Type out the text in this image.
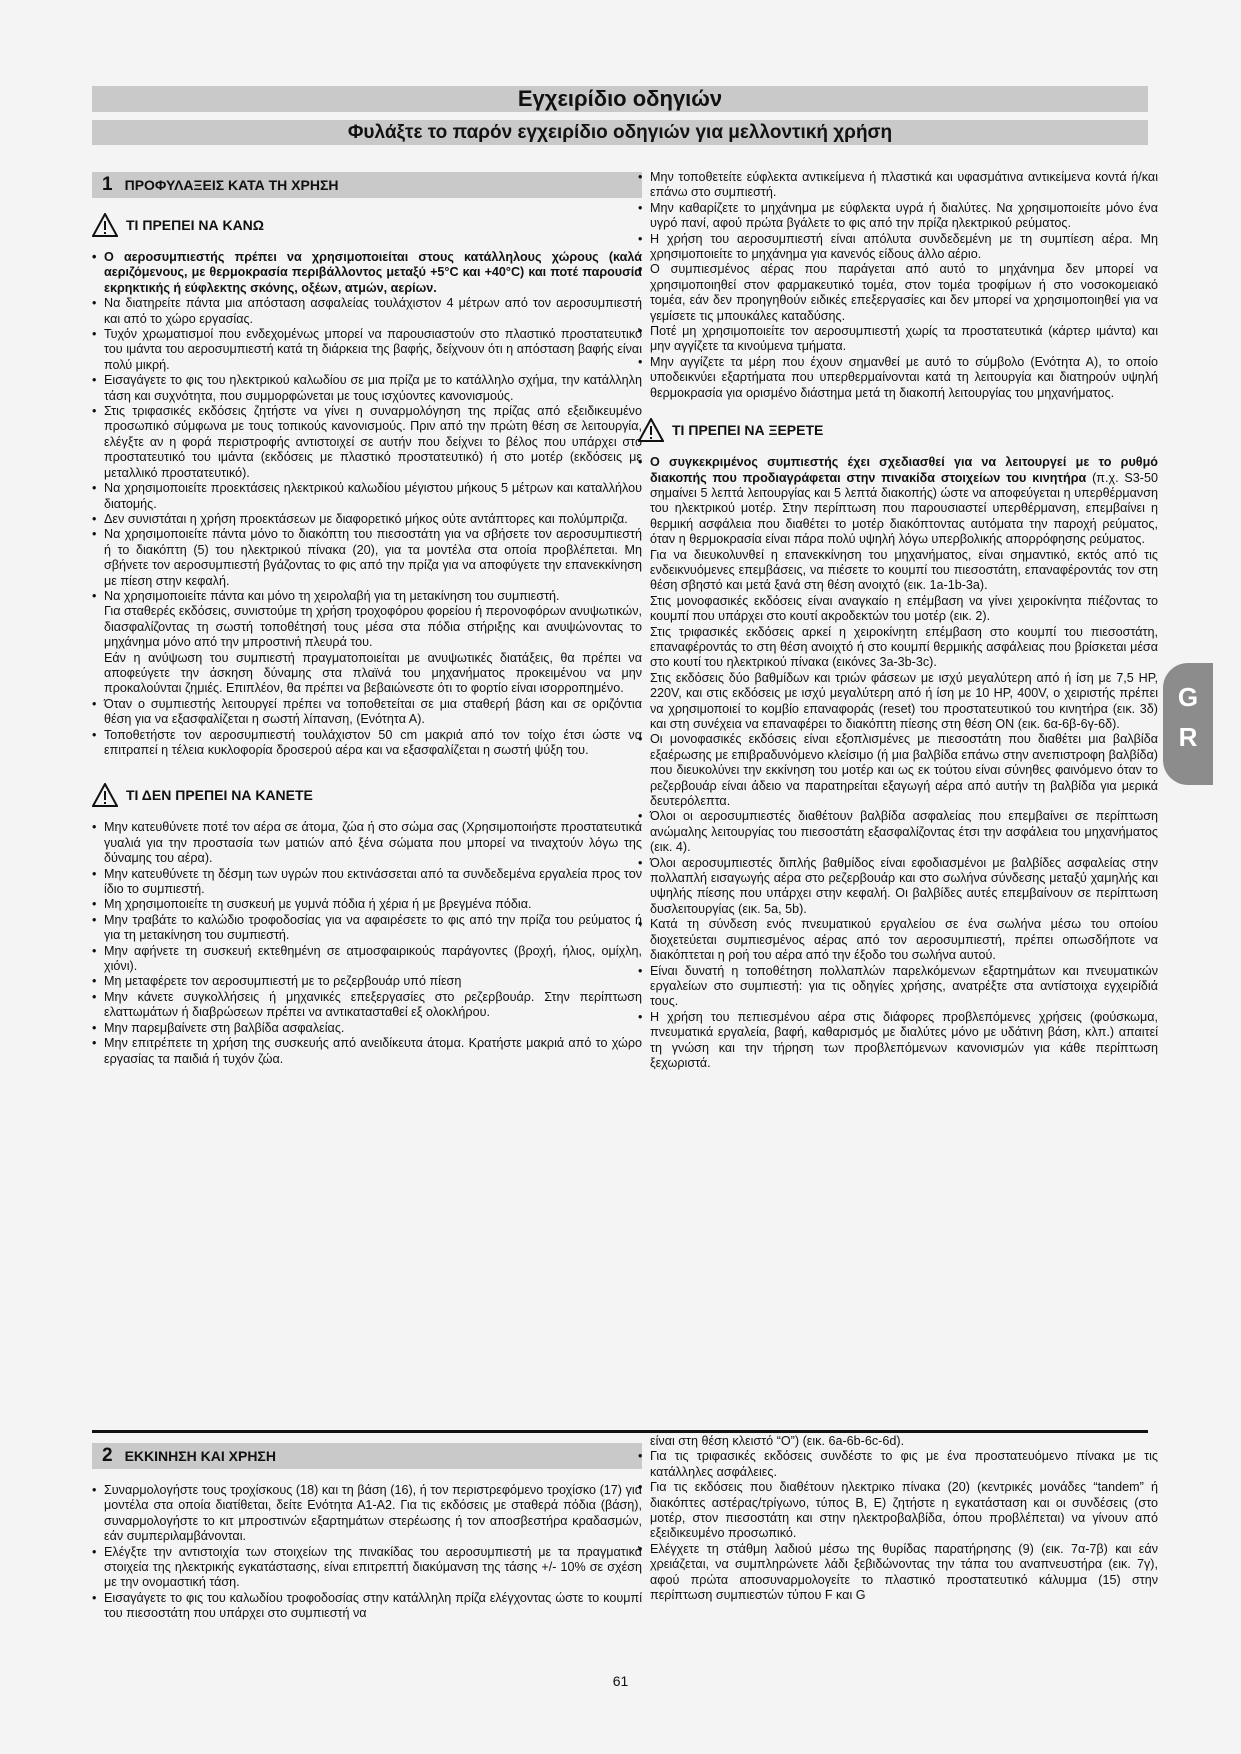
Εγχειρίδιο οδηγιών
Φυλάξτε το παρόν εγχειρίδιο οδηγιών για μελλοντική χρήση
1 ΠΡΟΦΥΛΑΞΕΙΣ ΚΑΤΑ ΤΗ ΧΡΗΣΗ
ΤΙ ΠΡΕΠΕΙ ΝΑ ΚΑΝΩ
• Ο αεροσυμπιεστής πρέπει να χρησιμοποιείται στους κατάλληλους χώρους (καλά αεριζόμενους, με θερμοκρασία περιβάλλοντος μεταξύ +5°C και +40°C) και ποτέ παρουσία εκρηκτικής ή εύφλεκτης σκόνης, οξέων, ατμών, αερίων.
• Να διατηρείτε πάντα μια απόσταση ασφαλείας τουλάχιστον 4 μέτρων από τον αεροσυμπιεστή και από το χώρο εργασίας.
• Τυχόν χρωματισμοί που ενδεχομένως μπορεί να παρουσιαστούν στο πλαστικό προστατευτικό του ιμάντα του αεροσυμπιεστή κατά τη διάρκεια της βαφής, δείχνουν ότι η απόσταση βαφής είναι πολύ μικρή.
• Εισαγάγετε το φις του ηλεκτρικού καλωδίου σε μια πρίζα με το κατάλληλο σχήμα, την κατάλληλη τάση και συχνότητα, που συμμορφώνεται με τους ισχύοντες κανονισμούς.
• Στις τριφασικές εκδόσεις ζητήστε να γίνει η συναρμολόγηση της πρίζας από εξειδικευμένο προσωπικό σύμφωνα με τους τοπικούς κανονισμούς. Πριν από την πρώτη θέση σε λειτουργία, ελέγξτε αν η φορά περιστροφής αντιστοιχεί σε αυτήν που δείχνει το βέλος που υπάρχει στο προστατευτικό του ιμάντα (εκδόσεις με πλαστικό προστατευτικό) ή στο μοτέρ (εκδόσεις με μεταλλικό προστατευτικό).
• Να χρησιμοποιείτε προεκτάσεις ηλεκτρικού καλωδίου μέγιστου μήκους 5 μέτρων και καταλλήλου διατομής.
• Δεν συνιστάται η χρήση προεκτάσεων με διαφορετικό μήκος ούτε αντάπτορες και πολύμπριζα.
• Να χρησιμοποιείτε πάντα μόνο το διακόπτη του πιεσοστάτη για να σβήσετε τον αεροσυμπιεστή ή το διακόπτη (5) του ηλεκτρικού πίνακα (20), για τα μοντέλα στα οποία προβλέπεται. Μη σβήνετε τον αεροσυμπιεστή βγάζοντας το φις από την πρίζα για να αποφύγετε την επανεκκίνηση με πίεση στην κεφαλή.
• Να χρησιμοποιείτε πάντα και μόνο τη χειρολαβή για τη μετακίνηση του συμπιεστή.
Για σταθερές εκδόσεις, συνιστούμε τη χρήση τροχοφόρου φορείου ή περονοφόρων ανυψωτικών, διασφαλίζοντας τη σωστή τοποθέτησή τους μέσα στα πόδια στήριξης και ανυψώνοντας το μηχάνημα μόνο από την μπροστινή πλευρά του.
Εάν η ανύψωση του συμπιεστή πραγματοποιείται με ανυψωτικές διατάξεις, θα πρέπει να αποφεύγετε την άσκηση δύναμης στα πλαϊνά του μηχανήματος προκειμένου να μην προκαλούνται ζημιές. Επιπλέον, θα πρέπει να βεβαιώνεστε ότι το φορτίο είναι ισορροπημένο.
• Όταν ο συμπιεστής λειτουργεί πρέπει να τοποθετείται σε μια σταθερή βάση και σε οριζόντια θέση για να εξασφαλίζεται η σωστή λίπανση, (Ενότητα Α).
• Τοποθετήστε τον αεροσυμπιεστή τουλάχιστον 50 cm μακριά από τον τοίχο έτσι ώστε να επιτραπεί η τέλεια κυκλοφορία δροσερού αέρα και να εξασφαλίζεται η σωστή ψύξη του.
ΤΙ ΔΕΝ ΠΡΕΠΕΙ ΝΑ ΚΑΝΕΤΕ
• Μην κατευθύνετε ποτέ τον αέρα σε άτομα, ζώα ή στο σώμα σας (Χρησιμοποιήστε προστατευτικά γυαλιά για την προστασία των ματιών από ξένα σώματα που μπορεί να τιναχτούν λόγω της δύναμης του αέρα).
• Μην κατευθύνετε τη δέσμη των υγρών που εκτινάσσεται από τα συνδεδεμένα εργαλεία προς τον ίδιο το συμπιεστή.
• Μη χρησιμοποιείτε τη συσκευή με γυμνά πόδια ή χέρια ή με βρεγμένα πόδια.
• Μην τραβάτε το καλώδιο τροφοδοσίας για να αφαιρέσετε το φις από την πρίζα του ρεύματος ή για τη μετακίνηση του συμπιεστή.
• Μην αφήνετε τη συσκευή εκτεθημένη σε ατμοσφαιρικούς παράγοντες (βροχή, ήλιος, ομίχλη, χιόνι).
• Μη μεταφέρετε τον αεροσυμπιεστή με το ρεζερβουάρ υπό πίεση
• Μην κάνετε συγκολλήσεις ή μηχανικές επεξεργασίες στο ρεζερβουάρ. Στην περίπτωση ελαττωμάτων ή διαβρώσεων πρέπει να αντικατασταθεί εξ ολοκλήρου.
• Μην παρεμβαίνετε στη βαλβίδα ασφαλείας.
• Μην επιτρέπετε τη χρήση της συσκευής από ανειδίκευτα άτομα. Κρατήστε μακριά από το χώρο εργασίας τα παιδιά ή τυχόν ζώα.
• Μην τοποθετείτε εύφλεκτα αντικείμενα ή πλαστικά και υφασμάτινα αντικείμενα κοντά ή/και επάνω στο συμπιεστή.
• Μην καθαρίζετε το μηχάνημα με εύφλεκτα υγρά ή διαλύτες. Να χρησιμοποιείτε μόνο ένα υγρό πανί, αφού πρώτα βγάλετε το φις από την πρίζα ηλεκτρικού ρεύματος.
• Η χρήση του αεροσυμπιεστή είναι απόλυτα συνδεδεμένη με τη συμπίεση αέρα. Μη χρησιμοποιείτε το μηχάνημα για κανενός είδους άλλο αέριο.
• Ο συμπιεσμένος αέρας που παράγεται από αυτό το μηχάνημα δεν μπορεί να χρησιμοποιηθεί στον φαρμακευτικό τομέα, στον τομέα τροφίμων ή στο νοσοκομειακό τομέα, εάν δεν προηγηθούν ειδικές επεξεργασίες και δεν μπορεί να χρησιμοποιηθεί για να γεμίσετε τις μπουκάλες καταδύσης.
• Ποτέ μη χρησιμοποιείτε τον αεροσυμπιεστή χωρίς τα προστατευτικά (κάρτερ ιμάντα) και μην αγγίζετε τα κινούμενα τμήματα.
• Μην αγγίζετε τα μέρη που έχουν σημανθεί με αυτό το σύμβολο (Ενότητα Α), το οποίο υποδεικνύει εξαρτήματα που υπερθερμαίνονται κατά τη λειτουργία και διατηρούν υψηλή θερμοκρασία για ορισμένο διάστημα μετά τη διακοπή λειτουργίας του μηχανήματος.
ΤΙ ΠΡΕΠΕΙ ΝΑ ΞΕΡΕΤΕ
• Ο συγκεκριμένος συμπιεστής έχει σχεδιασθεί για να λειτουργεί με το ρυθμό διακοπής που προδιαγράφεται στην πινακίδα στοιχείων του κινητήρα (π.χ. S3-50 σημαίνει 5 λεπτά λειτουργίας και 5 λεπτά διακοπής) ώστε να αποφεύγεται η υπερθέρμανση του ηλεκτρικού μοτέρ. Στην περίπτωση που παρουσιαστεί υπερθέρμανση, επεμβαίνει η θερμική ασφάλεια που διαθέτει το μοτέρ διακόπτοντας αυτόματα την παροχή ρεύματος, όταν η θερμοκρασία είναι πάρα πολύ υψηλή λόγω υπερβολικής απορρόφησης ρεύματος.
Για να διευκολυνθεί η επανεκκίνηση του μηχανήματος, είναι σημαντικό, εκτός από τις ενδεικνυόμενες επεμβάσεις, να πιέσετε το κουμπί του πιεσοστάτη, επαναφέροντάς τον στη θέση σβηστό και μετά ξανά στη θέση ανοιχτό (εικ. 1a-1b-3a).
Στις μονοφασικές εκδόσεις είναι αναγκαίο η επέμβαση να γίνει χειροκίνητα πιέζοντας το κουμπί που υπάρχει στο κουτί ακροδεκτών του μοτέρ (εικ. 2).
Στις τριφασικές εκδόσεις αρκεί η χειροκίνητη επέμβαση στο κουμπί του πιεσοστάτη, επαναφέροντάς το στη θέση ανοιχτό ή στο κουμπί θερμικής ασφάλειας που βρίσκεται μέσα στο κουτί του ηλεκτρικού πίνακα (εικόνες 3a-3b-3c).
Στις εκδόσεις δύο βαθμίδων και τριών φάσεων με ισχύ μεγαλύτερη από ή ίση με 7,5 HP, 220V, και στις εκδόσεις με ισχύ μεγαλύτερη από ή ίση με 10 HP, 400V, ο χειριστής πρέπει να χρησιμοποιεί το κομβίο επαναφοράς (reset) του προστατευτικού του κινητήρα (εικ. 3δ) και στη συνέχεια να επαναφέρει το διακόπτη πίεσης στη θέση ON (εικ. 6α-6β-6γ-6δ).
• Οι μονοφασικές εκδόσεις είναι εξοπλισμένες με πιεσοστάτη που διαθέτει μια βαλβίδα εξαέρωσης με επιβραδυνόμενο κλείσιμο (ή μια βαλβίδα επάνω στην ανεπιστροφη βαλβίδα) που διευκολύνει την εκκίνηση του μοτέρ και ως εκ τούτου είναι σύνηθες φαινόμενο όταν το ρεζερβουάρ είναι άδειο να παρατηρείται εξαγωγή αέρα από αυτήν τη βαλβίδα για μερικά δευτερόλεπτα.
• Όλοι οι αεροσυμπιεστές διαθέτουν βαλβίδα ασφαλείας που επεμβαίνει σε περίπτωση ανώμαλης λειτουργίας του πιεσοστάτη εξασφαλίζοντας έτσι την ασφάλεια του μηχανήματος (εικ. 4).
• Όλοι αεροσυμπιεστές διπλής βαθμίδος είναι εφοδιασμένοι με βαλβίδες ασφαλείας στην πολλαπλή εισαγωγής αέρα στο ρεζερβουάρ και στο σωλήνα σύνδεσης μεταξύ χαμηλής και υψηλής πίεσης που υπάρχει στην κεφαλή. Οι βαλβίδες αυτές επεμβαίνουν σε περίπτωση δυσλειτουργίας (εικ. 5a, 5b).
• Κατά τη σύνδεση ενός πνευματικού εργαλείου σε ένα σωλήνα μέσω του οποίου διοχετεύεται συμπιεσμένος αέρας από τον αεροσυμπιεστή, πρέπει οπωσδήποτε να διακόπτεται η ροή του αέρα από την έξοδο του σωλήνα αυτού.
• Είναι δυνατή η τοποθέτηση πολλαπλών παρελκόμενων εξαρτημάτων και πνευματικών εργαλείων στο συμπιεστή: για τις οδηγίες χρήσης, ανατρέξτε στα αντίστοιχα εγχειρίδιά τους.
• Η χρήση του πεπιεσμένου αέρα στις διάφορες προβλεπόμενες χρήσεις (φούσκωμα, πνευματικά εργαλεία, βαφή, καθαρισμός με διαλύτες μόνο με υδάτινη βάση, κλπ.) απαιτεί τη γνώση και την τήρηση των προβλεπόμενων κανονισμών για κάθε περίπτωση ξεχωριστά.
2 ΕΚΚΙΝΗΣΗ ΚΑΙ ΧΡΗΣΗ
• Συναρμολογήστε τους τροχίσκους (18) και τη βάση (16), ή τον περιστρεφόμενο τροχίσκο (17) για μοντέλα στα οποία διατίθεται, δείτε Ενότητα Α1-Α2. Για τις εκδόσεις με σταθερά πόδια (βάση), συναρμολογήστε το κιτ μπροστινών εξαρτημάτων στερέωσης ή τον αποσβεστήρα κραδασμών, εάν συμπεριλαμβάνονται.
• Ελέγξτε την αντιστοιχία των στοιχείων της πινακίδας του αεροσυμπιεστή με τα πραγματικά στοιχεία της ηλεκτρικής εγκατάστασης, είναι επιτρεπτή διακύμανση της τάσης +/- 10% σε σχέση με την ονομαστική τάση.
• Εισαγάγετε το φις του καλωδίου τροφοδοσίας στην κατάλληλη πρίζα ελέγχοντας ώστε το κουμπί του πιεσοστάτη που υπάρχει στο συμπιεστή να
είναι στη θέση κλειστό “O”) (εικ. 6a-6b-6c-6d).
• Για τις τριφασικές εκδόσεις συνδέστε το φις με ένα προστατευόμενο πίνακα με τις κατάλληλες ασφάλειες.
• Για τις εκδόσεις που διαθέτουν ηλεκτρικο πίνακα (20) (κεντρικές μονάδες “tandem” ή διακόπτες αστέρας/τρίγωνο, τύπος B, E) ζητήστε η εγκατάσταση και οι συνδέσεις (στο μοτέρ, στον πιεσοστάτη και στην ηλεκτροβαλβίδα, όπου προβλέπεται) να γίνουν από εξειδικευμένο προσωπικό.
• Ελέγχετε τη στάθμη λαδιού μέσω της θυρίδας παρατήρησης (9) (εικ. 7α-7β) και εάν χρειάζεται, να συμπληρώνετε λάδι ξεβιδώνοντας την τάπα του αναπνευστήρα (εικ. 7γ), αφού πρώτα αποσυναρμολογείτε το πλαστικό προστατευτικό κάλυμμα (15) στην περίπτωση συμπιεστών τύπου F και G
G
R
61
